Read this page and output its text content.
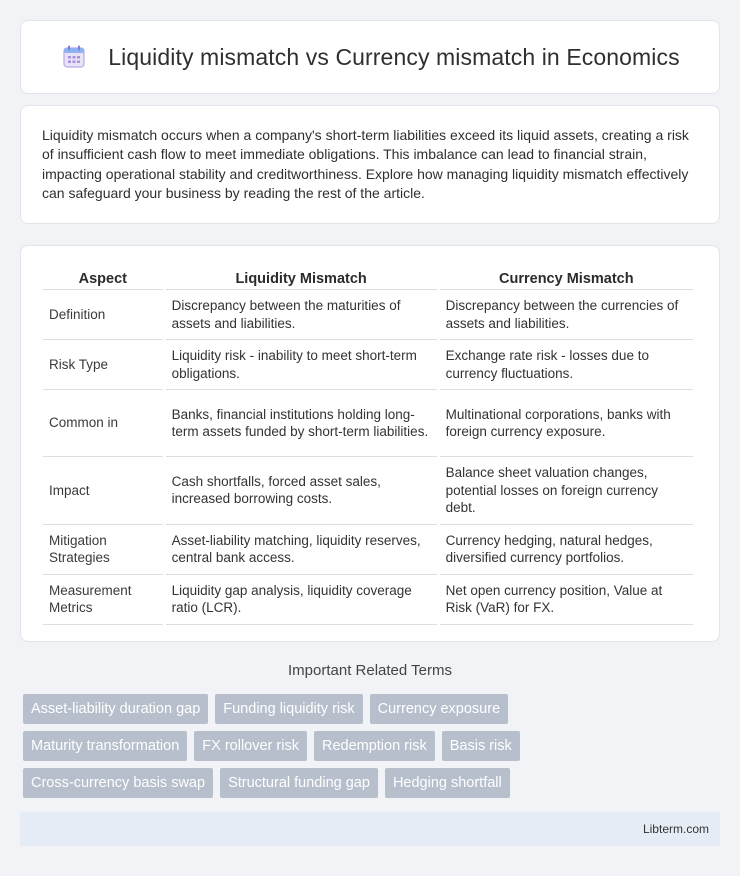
Liquidity mismatch vs Currency mismatch in Economics

Liquidity mismatch occurs when a company's short-term liabilities exceed its liquid assets, creating a risk of insufficient cash flow to meet immediate obligations. This imbalance can lead to financial strain, impacting operational stability and creditworthiness. Explore how managing liquidity mismatch effectively can safeguard your business by reading the rest of the article.

Aspect	Liquidity Mismatch	Currency Mismatch
Definition	Discrepancy between the maturities of assets and liabilities.	Discrepancy between the currencies of assets and liabilities.
Risk Type	Liquidity risk - inability to meet short-term obligations.	Exchange rate risk - losses due to currency fluctuations.
Common in	Banks, financial institutions holding long-term assets funded by short-term liabilities.	Multinational corporations, banks with foreign currency exposure.
Impact	Cash shortfalls, forced asset sales, increased borrowing costs.	Balance sheet valuation changes, potential losses on foreign currency debt.
Mitigation Strategies	Asset-liability matching, liquidity reserves, central bank access.	Currency hedging, natural hedges, diversified currency portfolios.
Measurement Metrics	Liquidity gap analysis, liquidity coverage ratio (LCR).	Net open currency position, Value at Risk (VaR) for FX.
Important Related Terms
Asset-liability duration gap	Funding liquidity risk	Currency exposure
Maturity transformation	FX rollover risk	Redemption risk	Basis risk
Cross-currency basis swap	Structural funding gap	Hedging shortfall
Libterm.com
